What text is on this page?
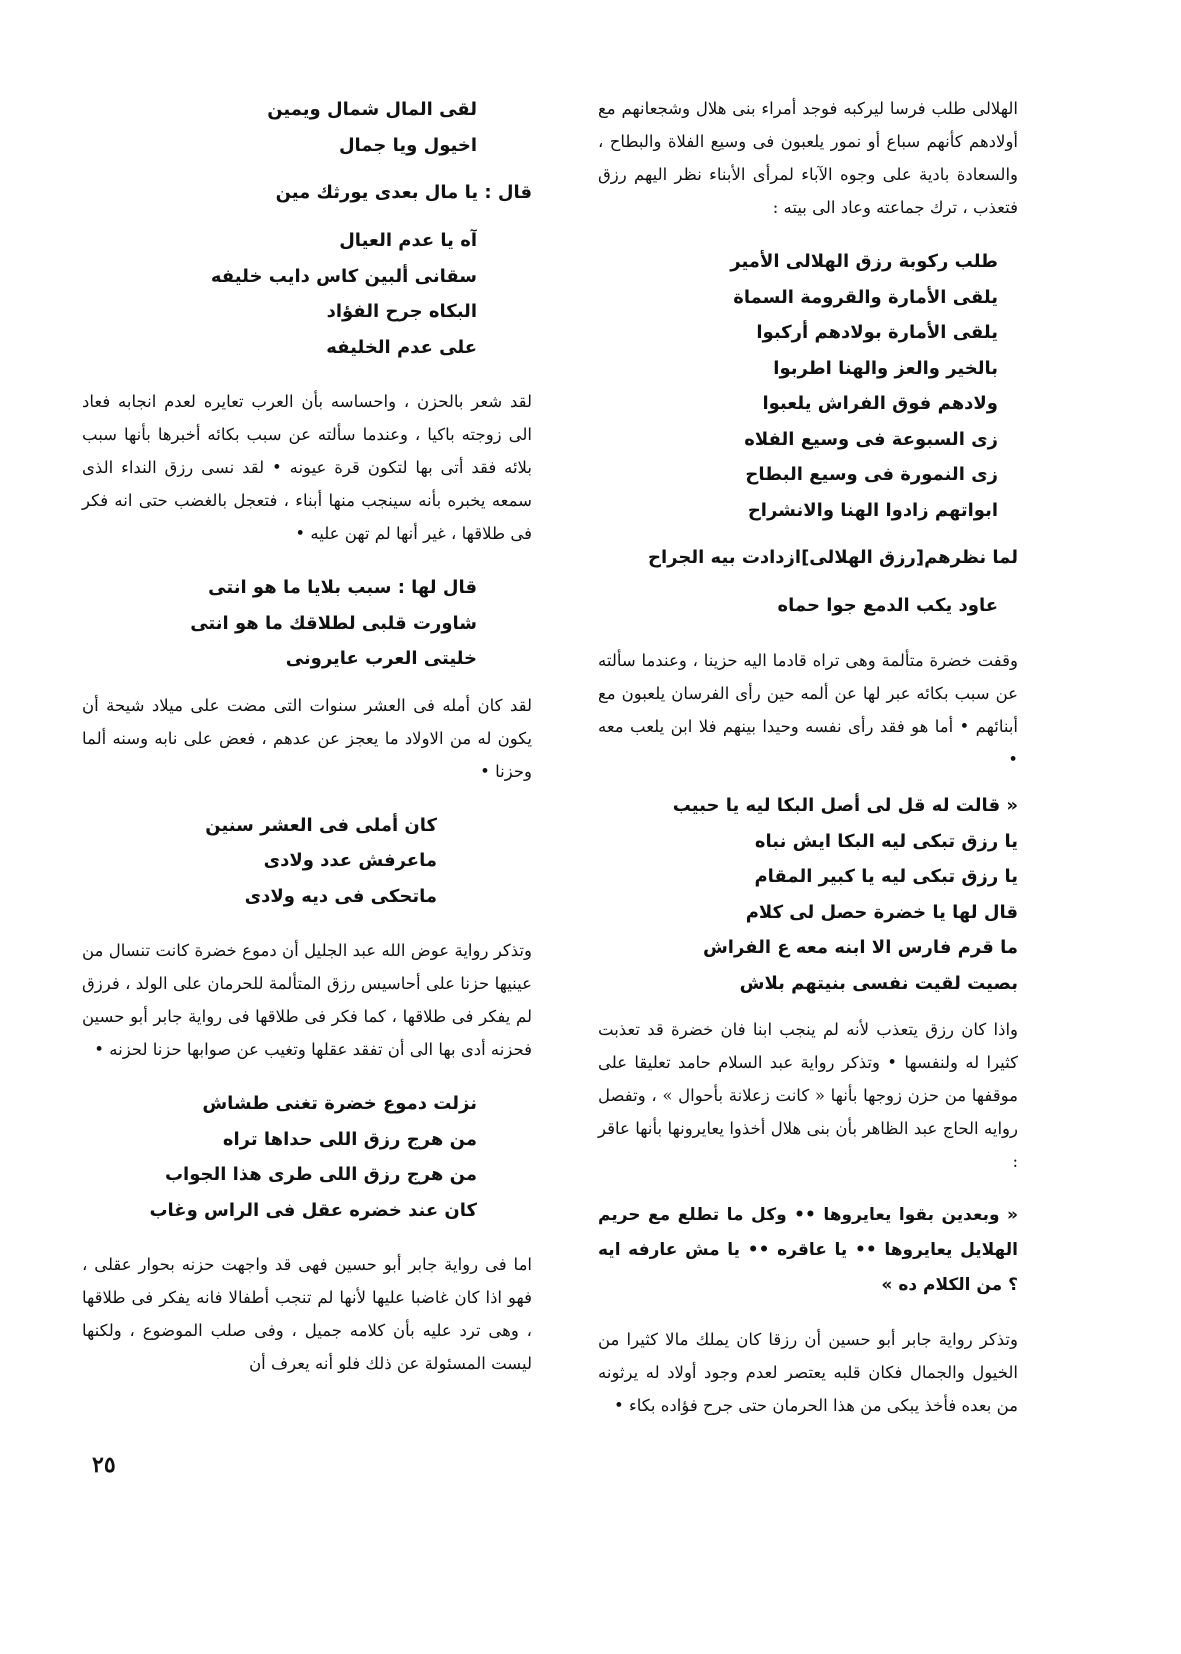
الهلالى طلب فرسا ليركبه فوجد أمراء بنى هلال وشجعانهم مع أولادهم كأنهم سباع أو نمور يلعبون فى وسيع الفلاة والبطاح ، والسعادة بادية على وجوه الآباء لمرأى الأبناء نظر اليهم رزق فتعذب ، ترك جماعته وعاد الى بيته :

طلب ركوبة رزق الهلالى الأمير
يلقى الأمارة والقرومة السماة
يلقى الأمارة بولادهم أركبوا
بالخير والعز والهنا اطربوا
ولادهم فوق الفراش يلعبوا
زى السبوعة فى وسيع الفلاه
زى النمورة فى وسيع البطاح
ابواتهم زادوا الهنا والانشراح

لما نظرهم[رزق الهلالى]ازدادت بيه الجراح

عاود يكب الدمع جوا حماه

وقفت خضرة متألمة وهى تراه قادما اليه حزينا ، وعندما سألته عن سبب بكائه عبر لها عن ألمه حين رأى الفرسان يلعبون مع أبنائهم • أما هو فقد رأى نفسه وحيدا بينهم فلا ابن يلعب معه •

« قالت له قل لى أصل البكا ليه يا حبيب
يا رزق تبكى ليه البكا ايش نباه
يا رزق تبكى ليه يا كبير المقام
قال لها يا خضرة حصل لى كلام
ما قرم فارس الا ابنه معه ع الفراش
بصيت لقيت نفسى بنيتهم بلاش

واذا كان رزق يتعذب لأنه لم ينجب ابنا فان خضرة قد تعذبت كثيرا له ولنفسها • وتذكر رواية عبد السلام حامد تعليقا على موقفها من حزن زوجها بأنها « كانت زعلانة بأحوال » ، وتفصل روايه الحاج عبد الظاهر بأن بنى هلال أخذوا يعايرونها بأنها عاقر :

« وبعدين بقوا يعايروها •• وكل ما تطلع مع حريم الهلايل يعايروها •• يا عاقره •• يا مش عارفه ايه ؟ من الكلام ده »

وتذكر رواية جابر أبو حسين أن رزقا كان يملك مالا كثيرا من الخيول والجمال فكان قلبه يعتصر لعدم وجود أولاد له يرثونه من بعده فأخذ يبكى من هذا الحرمان حتى جرح فؤاده بكاء •

لقى المال شمال ويمين
اخيول ويا جمال

قال : يا مال بعدى يورثك مين

آه يا عدم العيال
سقانى ألبين كاس دايب خليفه
البكاه جرح الفؤاد
على عدم الخليفه

لقد شعر بالحزن ، واحساسه بأن العرب تعايره لعدم انجابه فعاد الى زوجته باكيا ، وعندما سألته عن سبب بكائه أخبرها بأنها سبب بلائه فقد أتى بها لتكون قرة عيونه • لقد نسى رزق النداء الذى سمعه يخبره بأنه سينجب منها أبناء ، فتعجل بالغضب حتى انه فكر فى طلاقها ، غير أنها لم تهن عليه •

قال لها : سبب بلايا ما هو انتى
شاورت قلبى لطلاقك ما هو انتى
خليتى العرب عايرونى

لقد كان أمله فى العشر سنوات التى مضت على ميلاد شيحة أن يكون له من الاولاد ما يعجز عن عدهم ، فعض على نابه وسنه ألما وحزنا •

كان أملى فى العشر سنين
ماعرفش عدد ولادى
ماتحكى فى ديه ولادى

وتذكر رواية عوض الله عبد الجليل أن دموع خضرة كانت تنسال من عينيها حزنا على أحاسيس رزق المتألمة للحرمان على الولد ، فرزق لم يفكر فى طلاقها ، كما فكر فى طلاقها فى رواية جابر أبو حسين فحزنه أدى بها الى أن تفقد عقلها وتغيب عن صوابها حزنا لحزنه •

نزلت دموع خضرة تغنى طشاش
من هرج رزق اللى حداها تراه
من هرج رزق اللى طرى هذا الجواب
كان عند خضره عقل فى الراس وغاب

اما فى رواية جابر أبو حسين فهى قد واجهت حزنه بحوار عقلى ، فهو اذا كان غاضبا عليها لأنها لم تنجب أطفالا فانه يفكر فى طلاقها ، وهى ترد عليه بأن كلامه جميل ، وفى صلب الموضوع ، ولكنها ليست المسئولة عن ذلك فلو أنه يعرف أن

٢٥
